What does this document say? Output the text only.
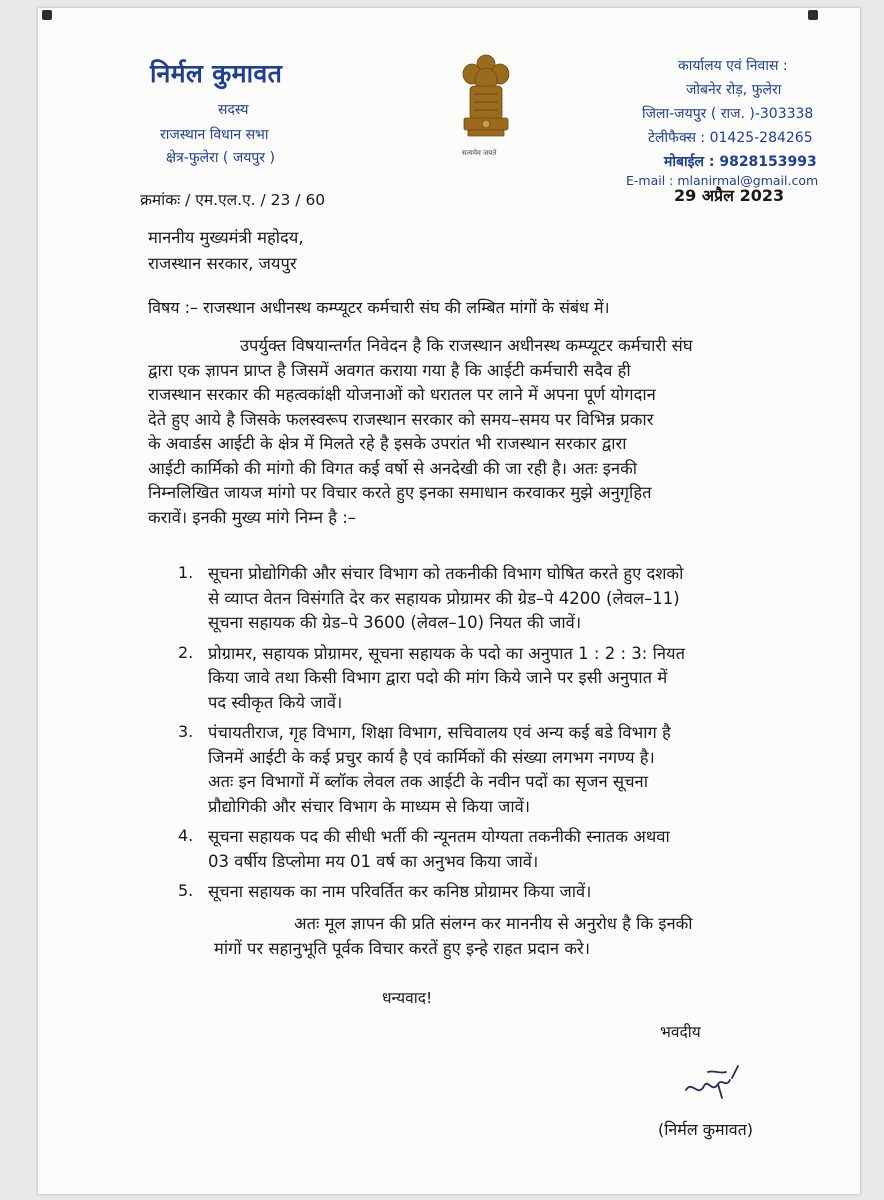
निर्मल कुमावत
सदस्य
राजस्थान विधान सभा
क्षेत्र-फुलेरा ( जयपुर )	सत्यमेव जयते
कार्यालय एवं निवास :
जोबनेर रोड़, फुलेरा
जिला-जयपुर ( राज. )-303338
टेलीफैक्स : 01425-284265
मोबाईल : 9828153993
E-mail : mlanirmal@gmail.com
क्रमांकः / एम.एल.ए. / 23 / 60	29 अप्रैल 2023
माननीय मुख्यमंत्री महोदय,
राजस्थान सरकार, जयपुर
विषय :– राजस्थान अधीनस्थ कम्प्यूटर कर्मचारी संघ की लम्बित मांगों के संबंध में।
उपर्युक्त विषयान्तर्गत निवेदन है कि राजस्थान अधीनस्थ कम्प्यूटर कर्मचारी संघ
द्वारा एक ज्ञापन प्राप्त है जिसमें अवगत कराया गया है कि आईटी कर्मचारी सदैव ही
राजस्थान सरकार की महत्वकांक्षी योजनाओं को धरातल पर लाने में अपना पूर्ण योगदान
देते हुए आये है जिसके फलस्वरूप राजस्थान सरकार को समय–समय पर विभिन्न प्रकार
के अवार्डस आईटी के क्षेत्र में मिलते रहे है इसके उपरांत भी राजस्थान सरकार द्वारा
आईटी कार्मिको की मांगो की विगत कई वर्षो से अनदेखी की जा रही है। अतः इनकी
निम्नलिखित जायज मांगो पर विचार करते हुए इनका समाधान करवाकर मुझे अनुगृहित
करावें। इनकी मुख्य मांगे निम्न है :–
1. सूचना प्रोद्योगिकी और संचार विभाग को तकनीकी विभाग घोषित करते हुए दशको
से व्याप्त वेतन विसंगति देर कर सहायक प्रोग्रामर की ग्रेड–पे 4200 (लेवल–11)
सूचना सहायक की ग्रेड–पे 3600 (लेवल–10) नियत की जावें।
2. प्रोग्रामर, सहायक प्रोग्रामर, सूचना सहायक के पदो का अनुपात 1 : 2 : 3: नियत
किया जावे तथा किसी विभाग द्वारा पदो की मांग किये जाने पर इसी अनुपात में
पद स्वीकृत किये जावें।
3. पंचायतीराज, गृह विभाग, शिक्षा विभाग, सचिवालय एवं अन्य कई बडे विभाग है
जिनमें आईटी के कई प्रचुर कार्य है एवं कार्मिकों की संख्या लगभग नगण्य है।
अतः इन विभागों में ब्लॉक लेवल तक आईटी के नवीन पदों का सृजन सूचना
प्रौद्योगिकी और संचार विभाग के माध्यम से किया जावें।
4. सूचना सहायक पद की सीधी भर्ती की न्यूनतम योग्यता तकनीकी स्नातक अथवा
03 वर्षीय डिप्लोमा मय 01 वर्ष का अनुभव किया जावें।
5. सूचना सहायक का नाम परिवर्तित कर कनिष्ठ प्रोग्रामर किया जावें।
अतः मूल ज्ञापन की प्रति संलग्न कर माननीय से अनुरोध है कि इनकी
मांगों पर सहानुभूति पूर्वक विचार करतें हुए इन्हे राहत प्रदान करे।
धन्यवाद!
भवदीय
(निर्मल कुमावत)
